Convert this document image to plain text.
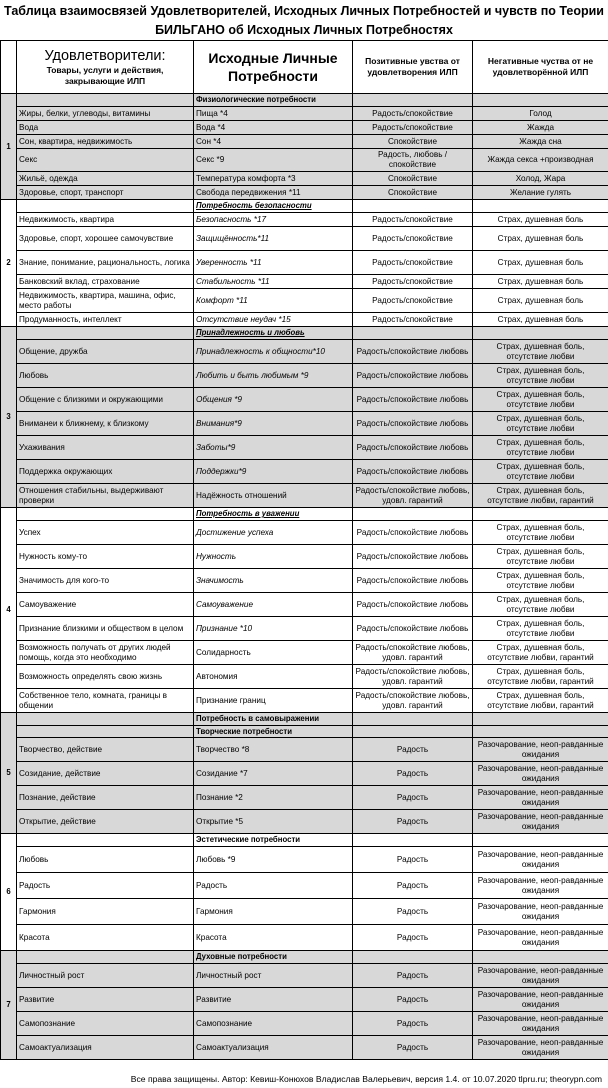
Таблица взаимосвязей Удовлетворителей, Исходных Личных Потребностей и чувств по Теории БИЛЬГАНО об Исходных Личных Потребностях

	Удовлетворители:
Товары, услуги и действия, закрывающие ИЛП	Исходные Личные Потребности	Позитивные увства от удовлетворения ИЛП	Негативные чуства от не удовлетворённой ИЛП

1		Физиологические потребности		
	Жиры, белки, углеводы, витамины	Пища *4	Радость/спокойствие	Голод
	Вода	Вода *4	Радость/спокойствие	Жажда
	Сон, квартира, недвижимость	Сон *4	Спокойствие	Жажда сна
	Секс	Секс *9	Радость, любовь /спокойствие	Жажда секса +производная
	Жильё, одежда	Температура комфорта *3	Спокойствие	Холод, Жара
	Здоровье, спорт, транспорт	Свобода передвижения *11	Спокойствие	Желание гулять
2		Потребность безопасности		
	Недвижимость, квартира	Безопасность *17	Радость/спокойствие	Страх, душевная боль
	Здоровье, спорт, хорошее самочувствие	Защищённость*11	Радость/спокойствие	Страх, душевная боль
	Знание, понимание, рациональность, логика	Уверенность *11	Радость/спокойствие	Страх, душевная боль
	Банковский вклад, страхование	Стабильность *11	Радость/спокойствие	Страх, душевная боль
	Недвижимость, квартира, машина, офис, место работы	Комфорт *11	Радость/спокойствие	Страх, душевная боль
	Продуманность, интеллект	Отсутствие неудач *15	Радость/спокойствие	Страх, душевная боль
3		Принадлежность и любовь		
	Общение, дружба	Принадлежность к общности*10	Радость/спокойствие любовь	Страх, душевная боль, отсутствие любви
	Любовь	Любить и быть любимым *9	Радость/спокойствие любовь	Страх, душевная боль, отсутствие любви
	Общение с близкими и окружающими	Общения *9	Радость/спокойствие любовь	Страх, душевная боль, отсутствие любви
	Вниманеи к ближнему, к близкому	Внимания*9	Радость/спокойствие любовь	Страх, душевная боль, отсутствие любви
	Ухаживания	Заботы*9	Радость/спокойствие любовь	Страх, душевная боль, отсутствие любви
	Поддержка окружающих	Поддержки*9	Радость/спокойствие любовь	Страх, душевная боль, отсутствие любви
	Отношения стабильны, выдерживают проверки	Надёжность отношений	Радость/спокойствие любовь, удовл. гарантий	Страх, душевная боль, отсутствие любви, гарантий
4		Потребность в уважении		
	Успех	Достижение успеха	Радость/спокойствие любовь	Страх, душевная боль, отсутствие любви
	Нужность кому-то	Нужность	Радость/спокойствие любовь	Страх, душевная боль, отсутствие любви
	Значимость для кого-то	Значимость	Радость/спокойствие любовь	Страх, душевная боль, отсутствие любви
	Самоуважение	Самоуважение	Радость/спокойствие любовь	Страх, душевная боль, отсутствие любви
	Признание близкими и обществом в целом	Признание *10	Радость/спокойствие любовь	Страх, душевная боль, отсутствие любви
	Возможность получать от других людей помощь, когда это необходимо	Солидарность	Радость/спокойствие любовь, удовл. гарантий	Страх, душевная боль, отсутствие любви, гарантий
	Возможность определять свою жизнь	Автономия	Радость/спокойствие любовь, удовл. гарантий	Страх, душевная боль, отсутствие любви, гарантий
	Собственное тело, комната, границы в общении	Признание границ	Радость/спокойствие любовь, удовл. гарантий	Страх, душевная боль, отсутствие любви, гарантий
5		Потребность в самовыражении		
		Творческие потребности		
	Творчество, действие	Творчество *8	Радость	Разочарование, неоп-равданные ожидания
	Созидание, действие	Созидание *7	Радость	Разочарование, неоп-равданные ожидания
	Познание, действие	Познание *2	Радость	Разочарование, неоп-равданные ожидания
	Открытие, действие	Открытие *5	Радость	Разочарование, неоп-равданные ожидания
6		Эстетические потребности		
	Любовь	Любовь *9	Радость	Разочарование, неоп-равданные ожидания
	Радость	Радость	Радость	Разочарование, неоп-равданные ожидания
	Гармония	Гармония	Радость	Разочарование, неоп-равданные ожидания
	Красота	Красота	Радость	Разочарование, неоп-равданные ожидания
7		Духовные потребности		
	Личностный рост	Личностный рост	Радость	Разочарование, неоп-равданные ожидания
	Развитие	Развитие	Радость	Разочарование, неоп-равданные ожидания
	Самопознание	Самопознание	Радость	Разочарование, неоп-равданные ожидания
	Самоактуализация	Самоактуализация	Радость	Разочарование, неоп-равданные ожидания
Все права защищены. Автор: Кевиш-Конюхов Владислав Валерьевич, версия 1.4. от 10.07.2020 tlpru.ru; theorypn.com
